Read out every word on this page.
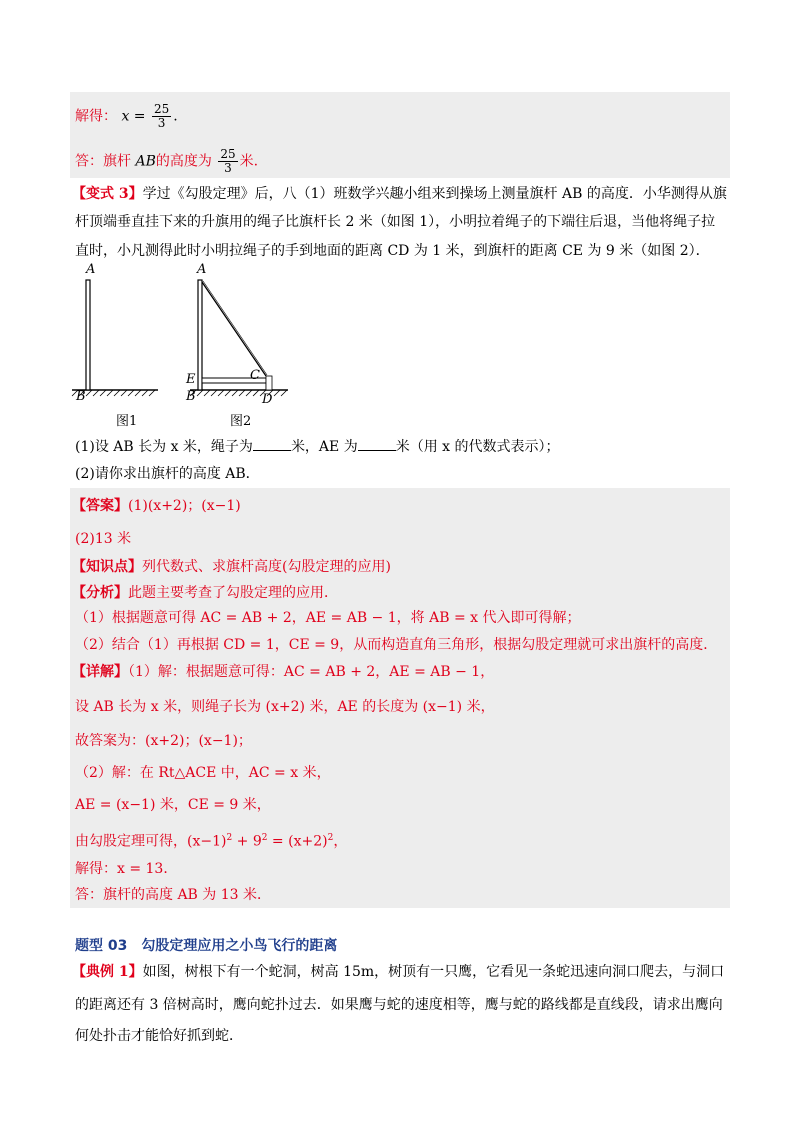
解得： $x = \frac{25}{3}$ .
答：旗杆 AB的高度为 $\frac{25}{3}$ 米.
【变式 3】学过《勾股定理》后，八（1）班数学兴趣小组来到操场上测量旗杆 AB 的高度．小华测得从旗
杆顶端垂直挂下来的升旗用的绳子比旗杆长 2 米（如图 1），小明拉着绳子的下端往后退，当他将绳子拉
直时，小凡测得此时小明拉绳子的手到地面的距离 CD 为 1 米，到旗杆的距离 CE 为 9 米（如图 2）．
A
B
图1
A
E
B
C
D
图2
(1)设 AB 长为 x 米，绳子为	米，AE 为	米（用 x 的代数式表示）；
(2)请你求出旗杆的高度 AB．
【答案】(1)(x+2)；(x−1)
(2)13 米
【知识点】列代数式、求旗杆高度(勾股定理的应用)
【分析】此题主要考查了勾股定理的应用．
（1）根据题意可得 AC = AB + 2，AE = AB − 1，将 AB = x 代入即可得解；
（2）结合（1）再根据 CD = 1，CE = 9，从而构造直角三角形，根据勾股定理就可求出旗杆的高度．
【详解】（1）解：根据题意可得：AC = AB + 2，AE = AB − 1，
设 AB 长为 x 米，则绳子长为 (x+2) 米，AE 的长度为 (x−1) 米，
故答案为：(x+2)；(x−1)；
（2）解：在 Rt△ACE 中，AC = x 米，
AE = (x−1) 米，CE = 9 米，
由勾股定理可得，$(x-1)^2 + 9^2 = (x+2)^2$，
解得：x = 13．
答：旗杆的高度 AB 为 13 米．
题型 03　勾股定理应用之小鸟飞行的距离
【典例 1】如图，树根下有一个蛇洞，树高 15m，树顶有一只鹰，它看见一条蛇迅速向洞口爬去，与洞口
的距离还有 3 倍树高时，鹰向蛇扑过去．如果鹰与蛇的速度相等，鹰与蛇的路线都是直线段，请求出鹰向
何处扑击才能恰好抓到蛇．
